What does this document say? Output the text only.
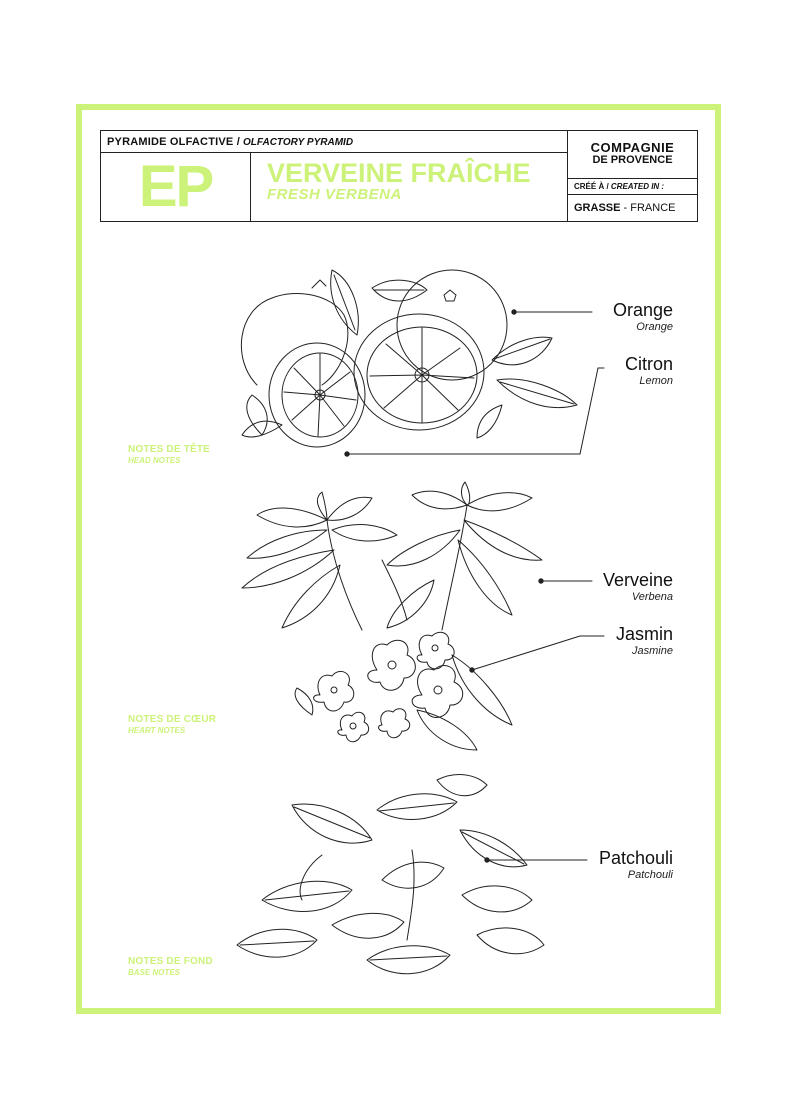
PYRAMIDE OLFACTIVE / OLFACTORY PYRAMID
EP	VERVEINE FRAÎCHE
FRESH VERBENA
COMPAGNIE
DE PROVENCE
CRÉÉ À / CREATED IN :
GRASSE - FRANCE
NOTES DE TÊTE
HEAD NOTES
NOTES DE CŒUR
HEART NOTES
NOTES DE FOND
BASE NOTES
Orange
Orange
Citron
Lemon
Verveine
Verbena
Jasmin
Jasmine
Patchouli
Patchouli
